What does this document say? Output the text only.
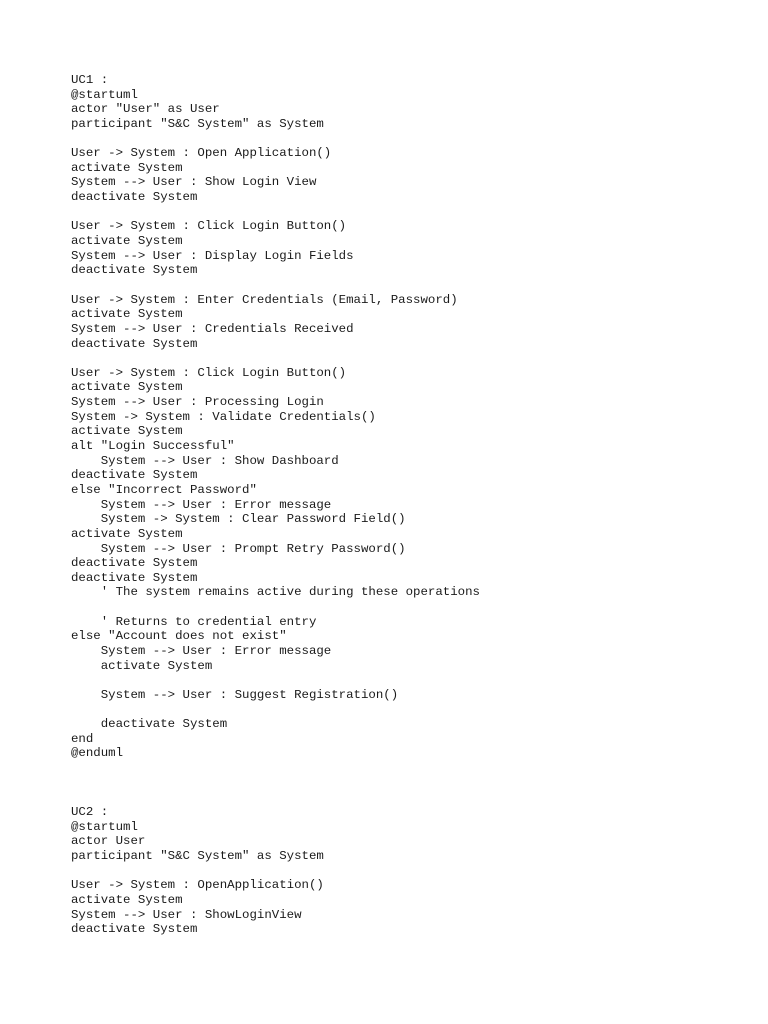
UC1 :
@startuml
actor "User" as User
participant "S&C System" as System
User -> System : Open Application()
activate System
System --> User : Show Login View
deactivate System
User -> System : Click Login Button()
activate System
System --> User : Display Login Fields
deactivate System
User -> System : Enter Credentials (Email, Password)
activate System
System --> User : Credentials Received
deactivate System
User -> System : Click Login Button()
activate System
System --> User : Processing Login
System -> System : Validate Credentials()
activate System
alt "Login Successful"
System --> User : Show Dashboard
deactivate System
else "Incorrect Password"
System --> User : Error message
System -> System : Clear Password Field()
activate System
System --> User : Prompt Retry Password()
deactivate System
deactivate System
' The system remains active during these operations
' Returns to credential entry
else "Account does not exist"
System --> User : Error message
activate System
System --> User : Suggest Registration()
deactivate System
end
@enduml
UC2 :
@startuml
actor User
participant "S&C System" as System
User -> System : OpenApplication()
activate System
System --> User : ShowLoginView
deactivate System
